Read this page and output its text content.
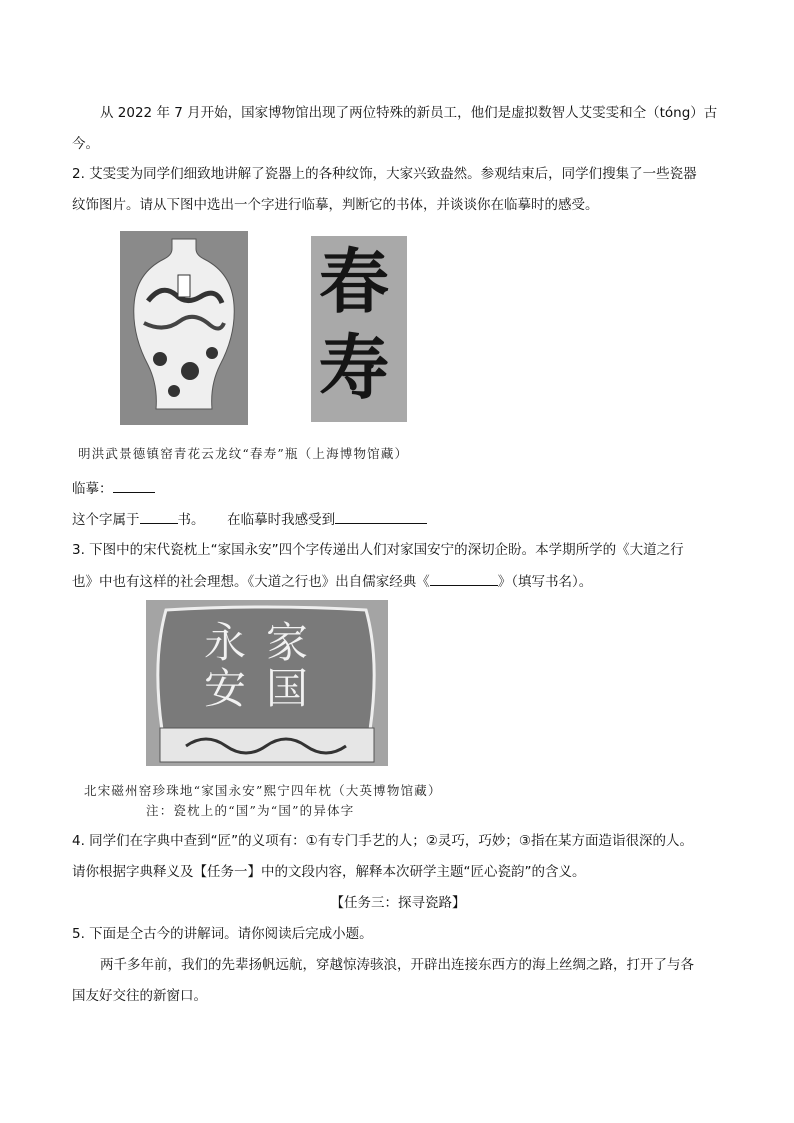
从 2022 年 7 月开始，国家博物馆出现了两位特殊的新员工，他们是虚拟数智人艾雯雯和仝（tóng）古
今。
2. 艾雯雯为同学们细致地讲解了瓷器上的各种纹饰，大家兴致盎然。参观结束后，同学们搜集了一些瓷器
纹饰图片。请从下图中选出一个字进行临摹，判断它的书体，并谈谈你在临摹时的感受。
春
寿
明洪武景德镇窑青花云龙纹“春寿”瓶（上海博物馆藏）
临摹：
这个字属于	书。 在临摹时我感受到
3. 下图中的宋代瓷枕上“家国永安”四个字传递出人们对家国安宁的深切企盼。本学期所学的《大道之行
也》中也有这样的社会理想。《大道之行也》出自儒家经典《	》（填写书名）。
永 家
安 国
北宋磁州窑珍珠地“家国永安”熙宁四年枕（大英博物馆藏）
注：瓷枕上的“国”为“国”的异体字
4. 同学们在字典中查到“匠”的义项有：①有专门手艺的人；②灵巧，巧妙；③指在某方面造诣很深的人。
请你根据字典释义及【任务一】中的文段内容，解释本次研学主题“匠心瓷韵”的含义。
【任务三：探寻瓷路】
5. 下面是仝古今的讲解词。请你阅读后完成小题。
两千多年前，我们的先辈扬帆远航，穿越惊涛骇浪，开辟出连接东西方的海上丝绸之路，打开了与各
国友好交往的新窗口。
